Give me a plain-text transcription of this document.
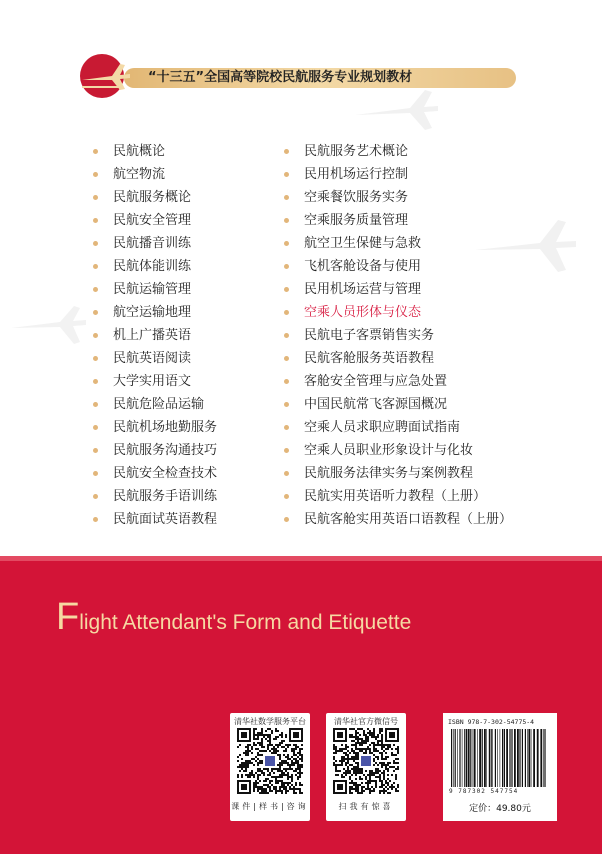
“十三五”全国高等院校民航服务专业规划教材
民航概论
航空物流
民航服务概论
民航安全管理
民航播音训练
民航体能训练
民航运输管理
航空运输地理
机上广播英语
民航英语阅读
大学实用语文
民航危险品运输
民航机场地勤服务
民航服务沟通技巧
民航安全检查技术
民航服务手语训练
民航面试英语教程
民航服务艺术概论
民用机场运行控制
空乘餐饮服务实务
空乘服务质量管理
航空卫生保健与急救
飞机客舱设备与使用
民用机场运营与管理
空乘人员形体与仪态
民航电子客票销售实务
民航客舱服务英语教程
客舱安全管理与应急处置
中国民航常飞客源国概况
空乘人员求职应聘面试指南
空乘人员职业形象设计与化妆
民航服务法律实务与案例教程
民航实用英语听力教程（上册）
民航客舱实用英语口语教程（上册）
Flight Attendant's Form and Etiquette
清华社数学服务平台
课件|样书|咨询
清华社官方微信号
扫我有惊喜
ISBN 978-7-302-54775-4
9 787302 547754
定价：49.80元
